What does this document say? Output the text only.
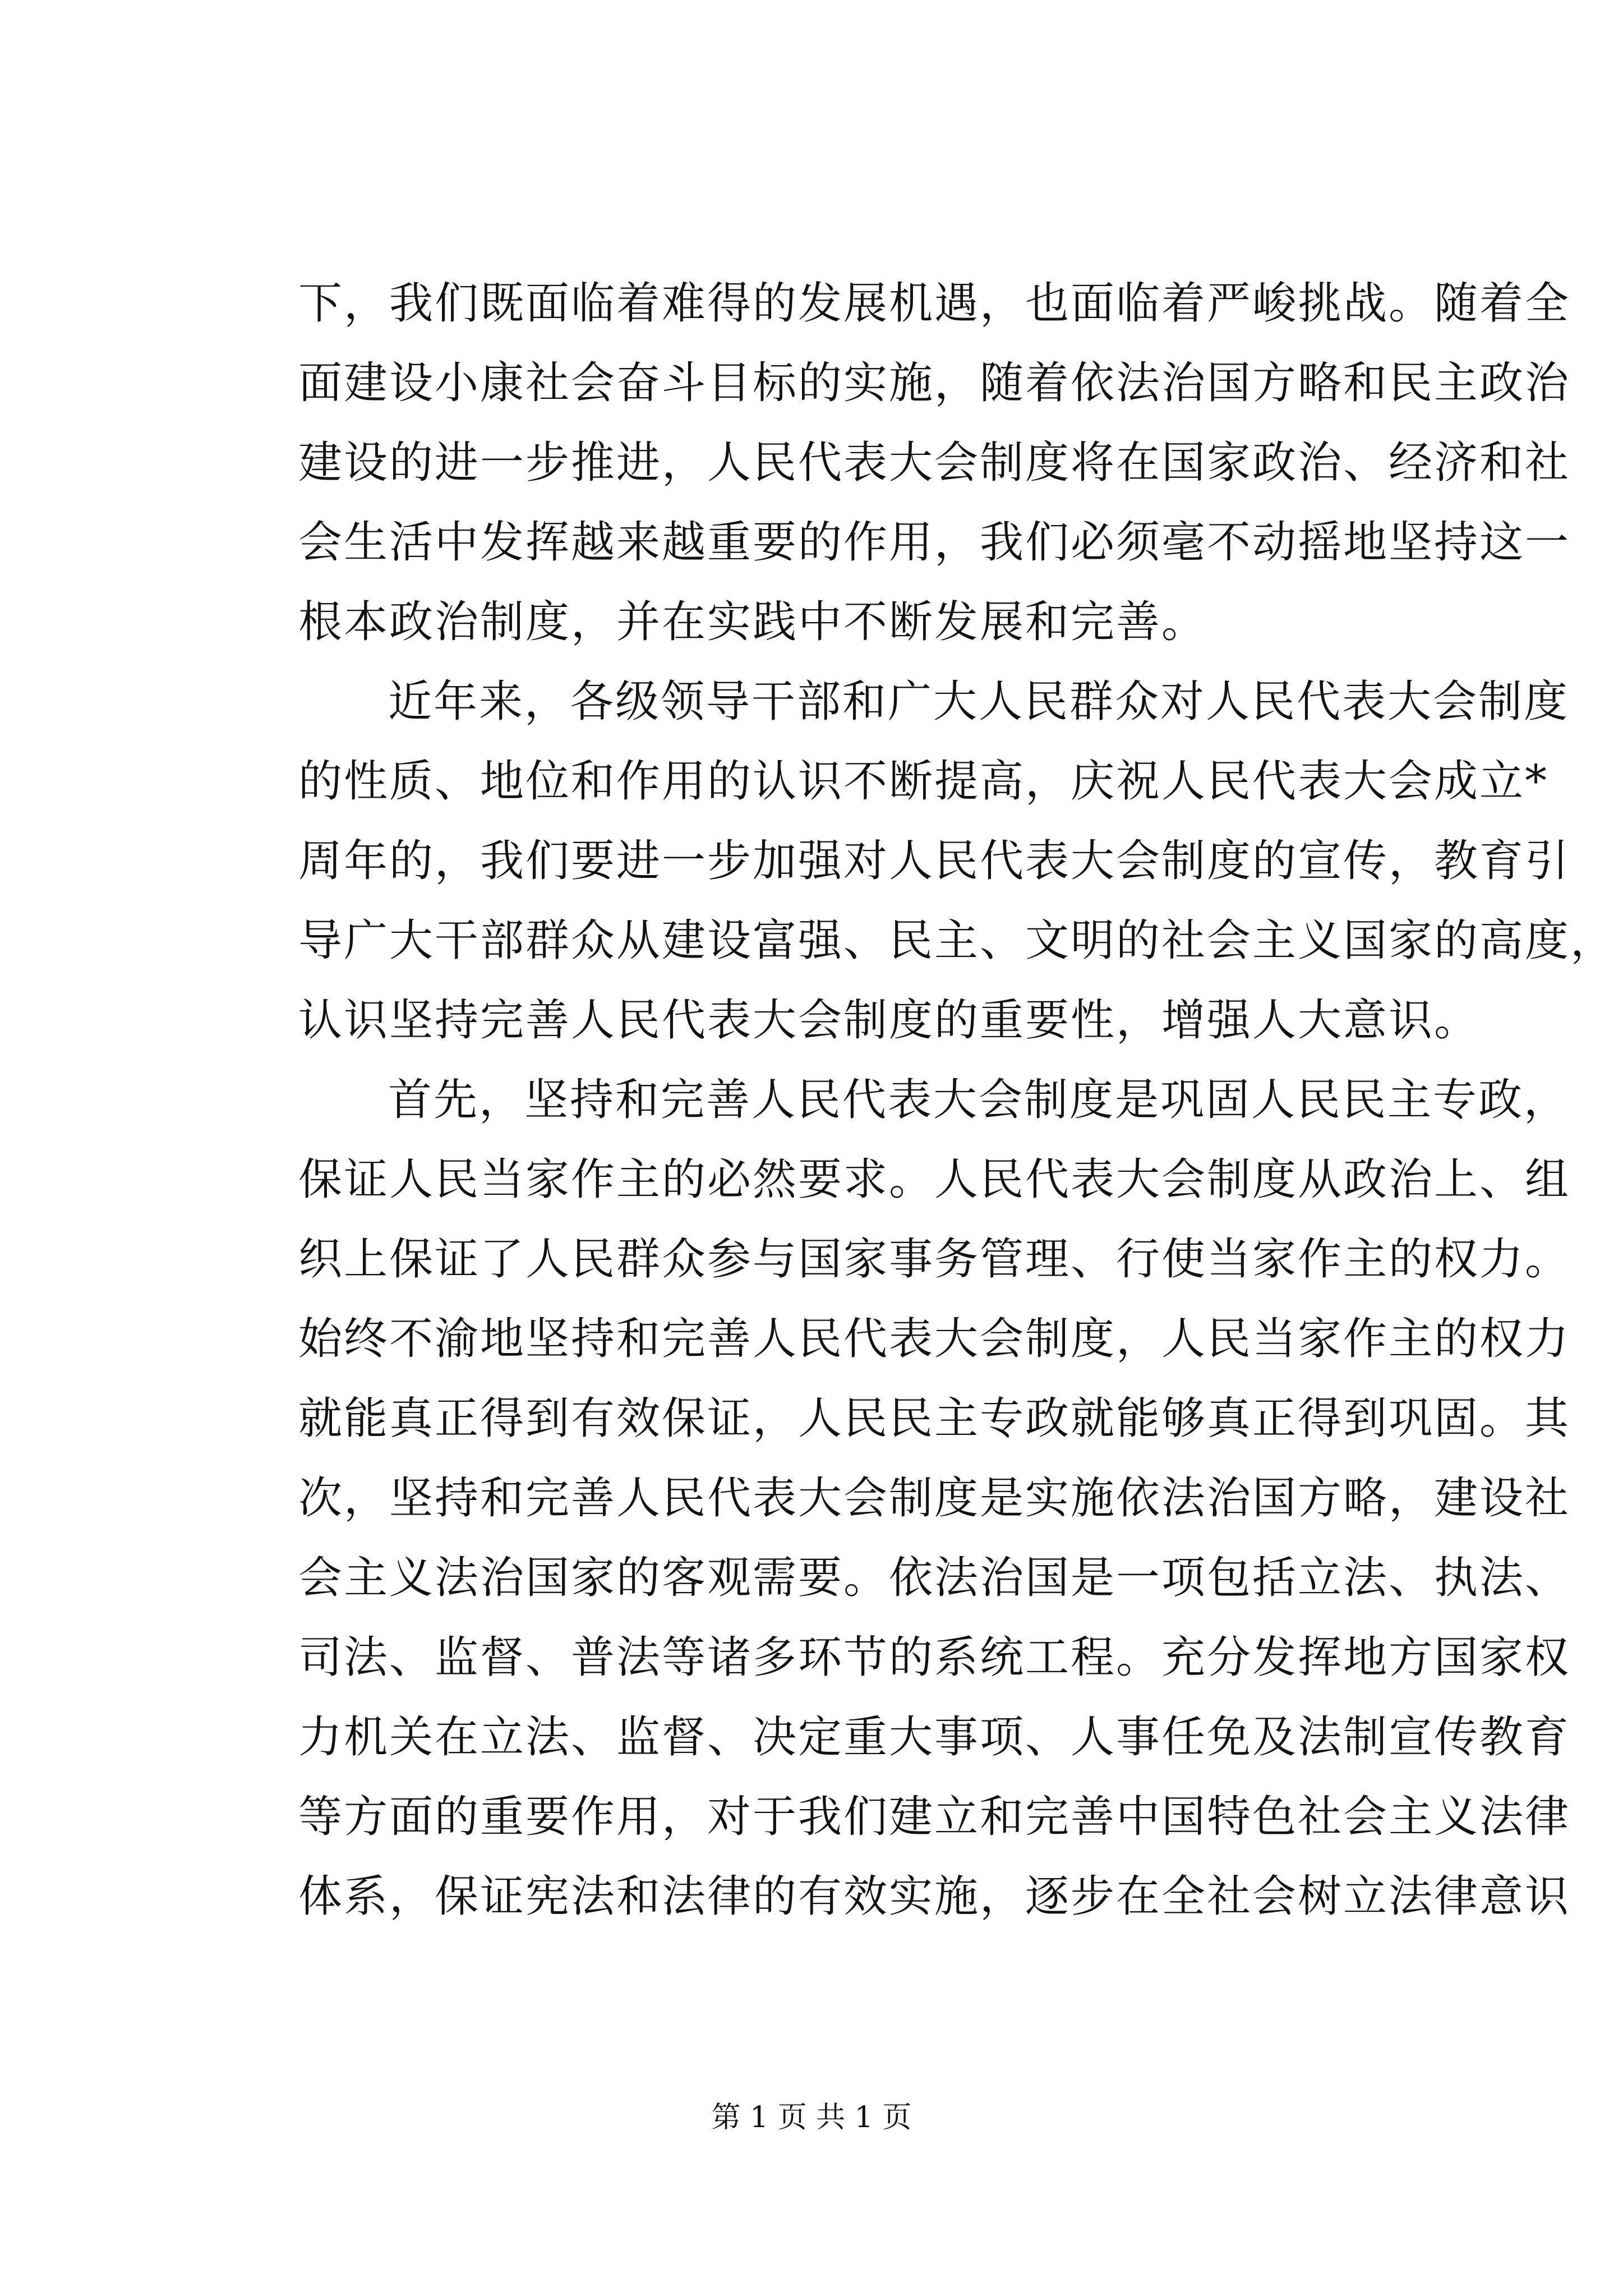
下，我们既面临着难得的发展机遇，也面临着严峻挑战。随着全
面建设小康社会奋斗目标的实施，随着依法治国方略和民主政治
建设的进一步推进，人民代表大会制度将在国家政治、经济和社
会生活中发挥越来越重要的作用，我们必须毫不动摇地坚持这一
根本政治制度，并在实践中不断发展和完善。
近年来，各级领导干部和广大人民群众对人民代表大会制度
的性质、地位和作用的认识不断提高，庆祝人民代表大会成立*
周年的，我们要进一步加强对人民代表大会制度的宣传，教育引
导广大干部群众从建设富强、民主、文明的社会主义国家的高度，
认识坚持完善人民代表大会制度的重要性，增强人大意识。
首先，坚持和完善人民代表大会制度是巩固人民民主专政，
保证人民当家作主的必然要求。人民代表大会制度从政治上、组
织上保证了人民群众参与国家事务管理、行使当家作主的权力。
始终不渝地坚持和完善人民代表大会制度，人民当家作主的权力
就能真正得到有效保证，人民民主专政就能够真正得到巩固。其
次，坚持和完善人民代表大会制度是实施依法治国方略，建设社
会主义法治国家的客观需要。依法治国是一项包括立法、执法、
司法、监督、普法等诸多环节的系统工程。充分发挥地方国家权
力机关在立法、监督、决定重大事项、人事任免及法制宣传教育
等方面的重要作用，对于我们建立和完善中国特色社会主义法律
体系，保证宪法和法律的有效实施，逐步在全社会树立法律意识
第 1 页 共 1 页
